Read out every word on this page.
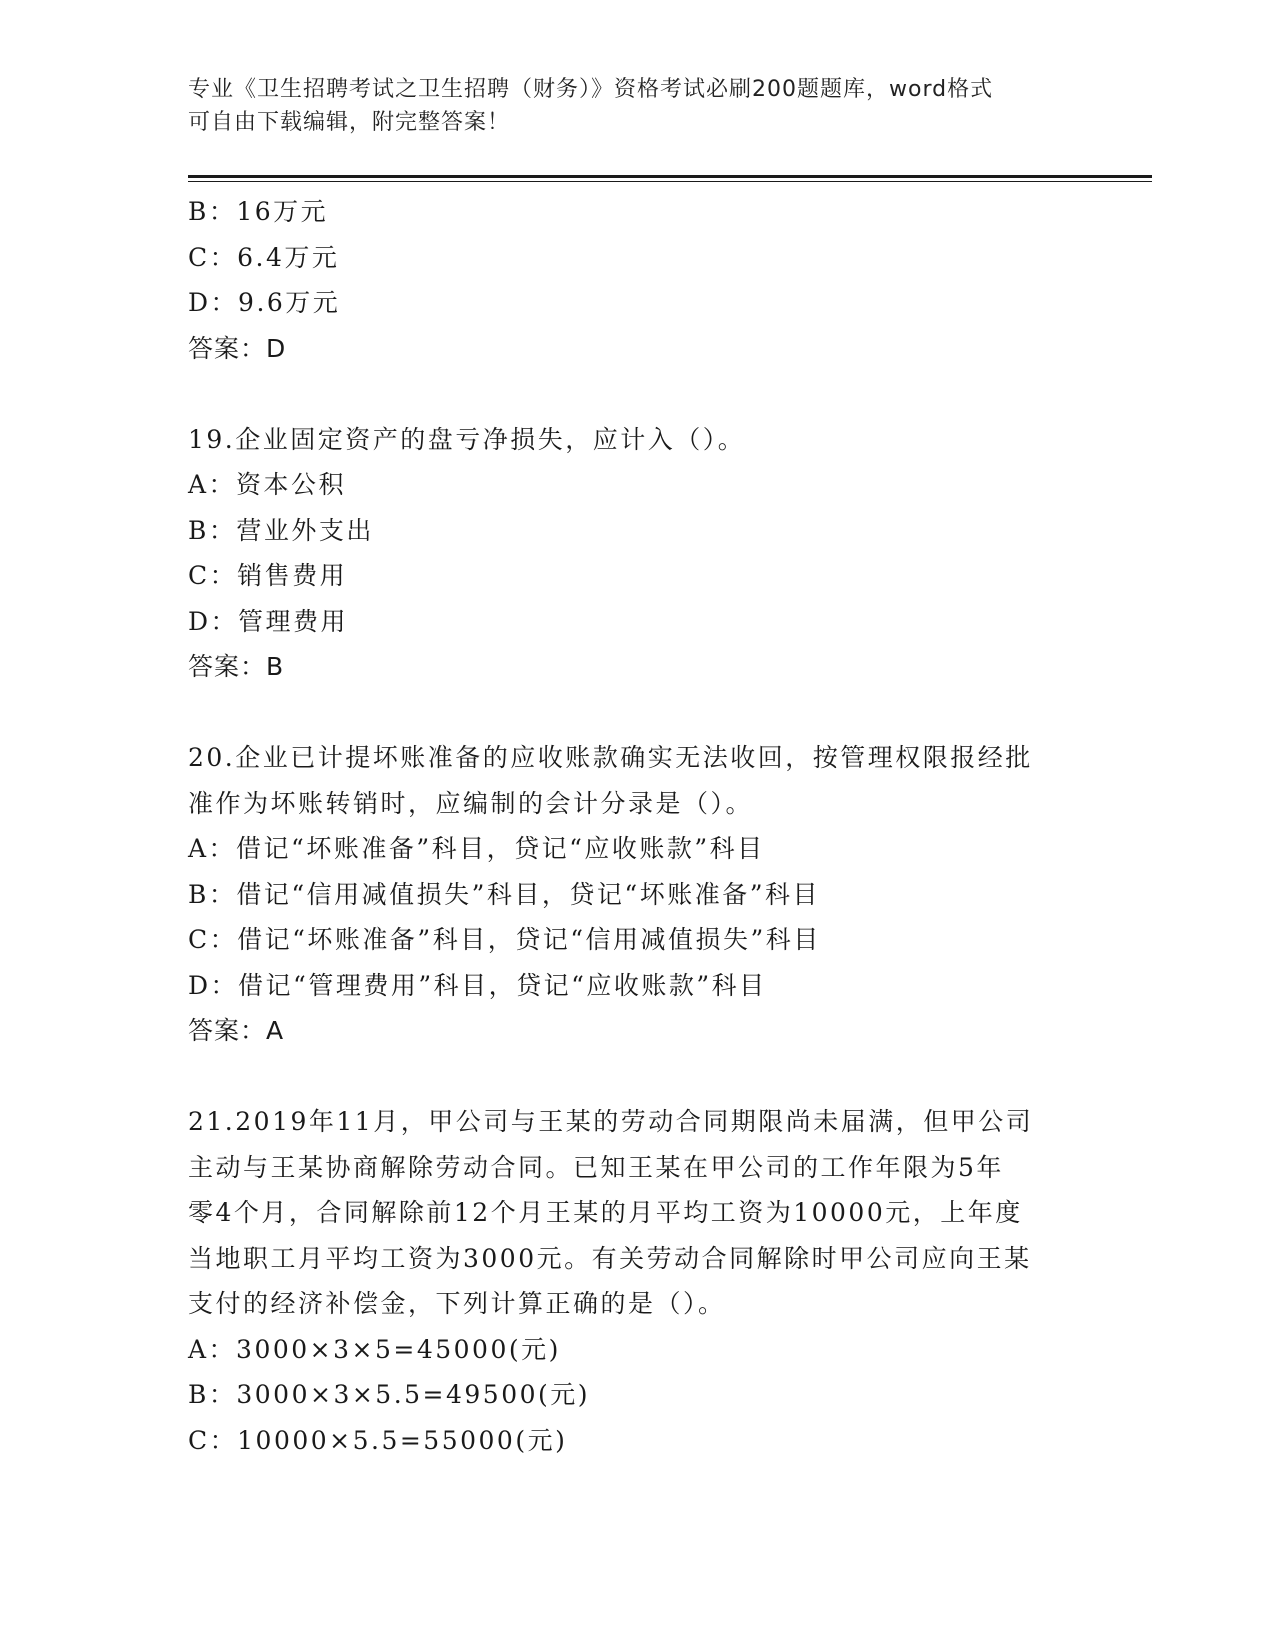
专业《卫生招聘考试之卫生招聘（财务）》资格考试必刷200题题库，word格式
可自由下载编辑，附完整答案！
B：16万元
C：6.4万元
D：9.6万元
答案：D
19.企业固定资产的盘亏净损失，应计入（）。
A：资本公积
B：营业外支出
C：销售费用
D：管理费用
答案：B
20.企业已计提坏账准备的应收账款确实无法收回，按管理权限报经批
准作为坏账转销时，应编制的会计分录是（）。
A：借记“坏账准备”科目，贷记“应收账款”科目
B：借记“信用减值损失”科目，贷记“坏账准备”科目
C：借记“坏账准备”科目，贷记“信用减值损失”科目
D：借记“管理费用”科目，贷记“应收账款”科目
答案：A
21.2019年11月，甲公司与王某的劳动合同期限尚未届满，但甲公司
主动与王某协商解除劳动合同。已知王某在甲公司的工作年限为5年
零4个月，合同解除前12个月王某的月平均工资为10000元，上年度
当地职工月平均工资为3000元。有关劳动合同解除时甲公司应向王某
支付的经济补偿金，下列计算正确的是（）。
A：3000×3×5=45000(元)
B：3000×3×5.5=49500(元)
C：10000×5.5=55000(元)
